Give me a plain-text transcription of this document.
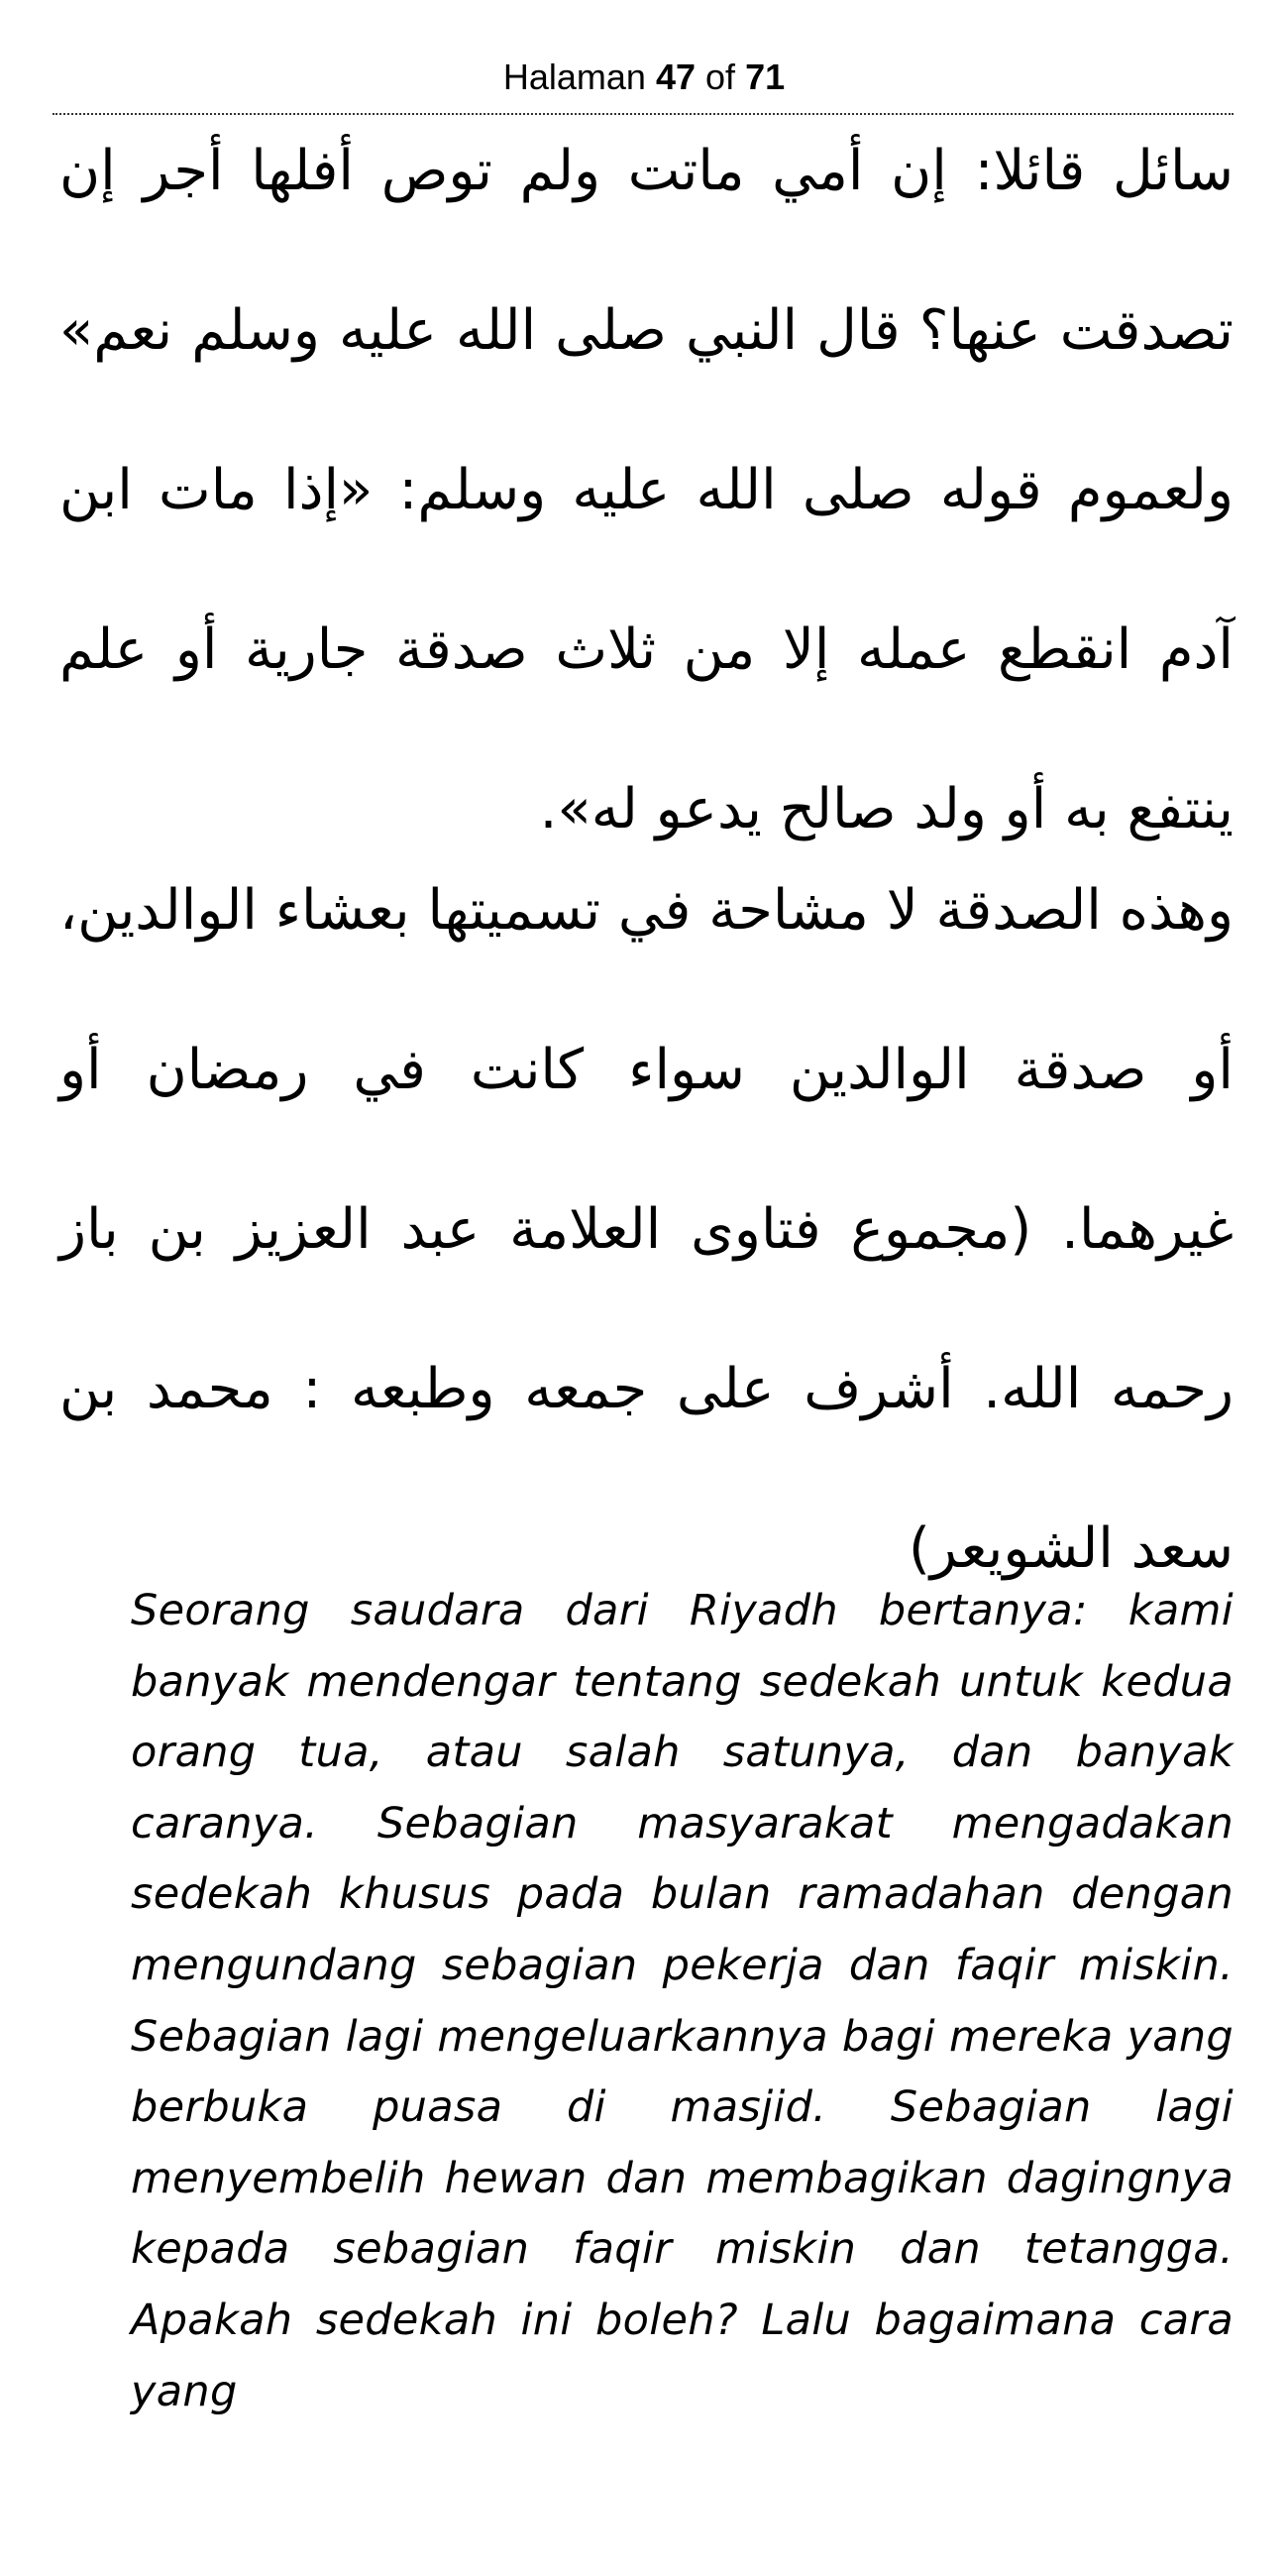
Halaman 47 of 71

سائل قائلا: إن أمي ماتت ولم توص أفلها أجر إن تصدقت عنها؟ قال النبي صلى الله عليه وسلم نعم» ولعموم قوله صلى الله عليه وسلم: «إذا مات ابن آدم انقطع عمله إلا من ثلاث صدقة جارية أو علم ينتفع به أو ولد صالح يدعو له».

وهذه الصدقة لا مشاحة في تسميتها بعشاء الوالدين، أو صدقة الوالدين سواء كانت في رمضان أو غيرهما. (مجموع فتاوى العلامة عبد العزيز بن باز رحمه الله. أشرف على جمعه وطبعه : محمد بن سعد الشويعر)

Seorang saudara dari Riyadh bertanya: kami banyak mendengar tentang sedekah untuk kedua orang tua, atau salah satunya, dan banyak caranya. Sebagian masyarakat mengadakan sedekah khusus pada bulan ramadahan dengan mengundang sebagian pekerja dan faqir miskin. Sebagian lagi mengeluarkannya bagi mereka yang berbuka puasa di masjid. Sebagian lagi menyembelih hewan dan membagikan dagingnya kepada sebagian faqir miskin dan tetangga. Apakah sedekah ini boleh? Lalu bagaimana cara yang
